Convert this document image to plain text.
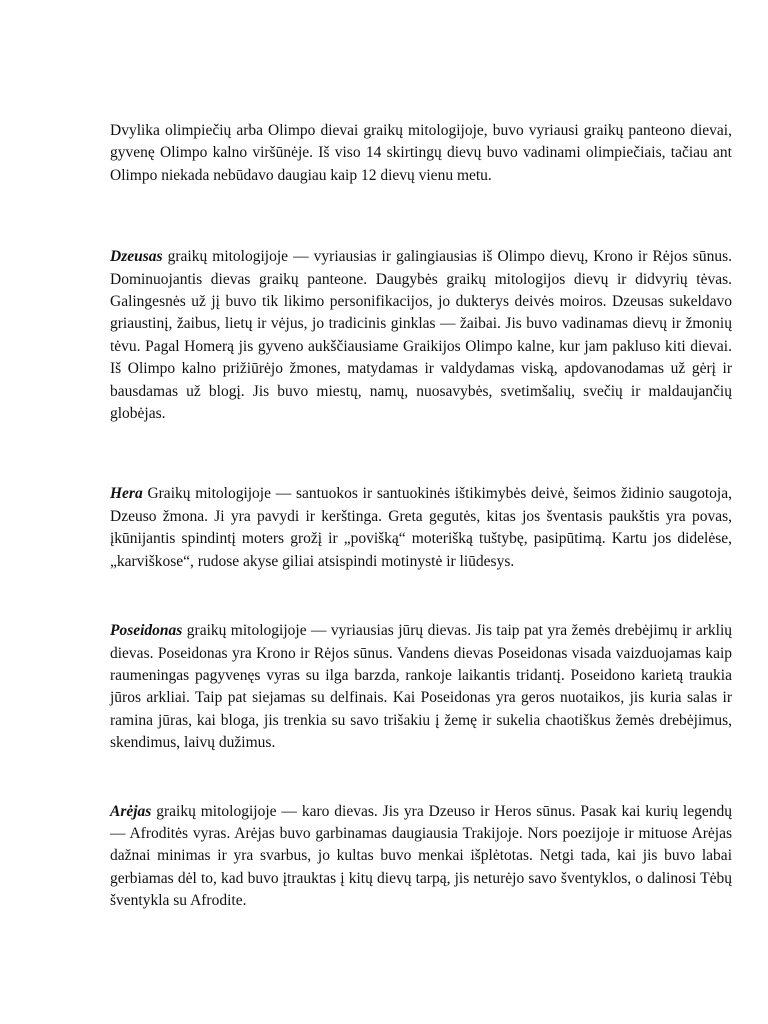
Dvylika olimpiečių arba Olimpo dievai graikų mitologijoje, buvo vyriausi graikų panteono dievai, gyvenę Olimpo kalno viršūnėje. Iš viso 14 skirtingų dievų buvo vadinami olimpiečiais, tačiau ant Olimpo niekada nebūdavo daugiau kaip 12 dievų vienu metu.

Dzeusas graikų mitologijoje — vyriausias ir galingiausias iš Olimpo dievų, Krono ir Rėjos sūnus. Dominuojantis dievas graikų panteone. Daugybės graikų mitologijos dievų ir didvyrių tėvas. Galingesnės už jį buvo tik likimo personifikacijos, jo dukterys deivės moiros. Dzeusas sukeldavo griaustinį, žaibus, lietų ir vėjus, jo tradicinis ginklas — žaibai. Jis buvo vadinamas dievų ir žmonių tėvu. Pagal Homerą jis gyveno aukščiausiame Graikijos Olimpo kalne, kur jam pakluso kiti dievai. Iš Olimpo kalno prižiūrėjo žmones, matydamas ir valdydamas viską, apdovanodamas už gėrį ir bausdamas už blogį. Jis buvo miestų, namų, nuosavybės, svetimšalių, svečių ir maldaujančių globėjas.

Hera Graikų mitologijoje — santuokos ir santuokinės ištikimybės deivė, šeimos židinio saugotoja, Dzeuso žmona. Ji yra pavydi ir kerštinga. Greta gegutės, kitas jos šventasis paukštis yra povas, įkūnijantis spindintį moters grožį ir „poviškąׅ“ moterišką tuštybę, pasipūtimą. Kartu jos didelėse, „karviškose“, rudose akyse giliai atsispindi motinystė ir liūdesys.

Poseidonas graikų mitologijoje — vyriausias jūrų dievas. Jis taip pat yra žemės drebėjimų ir arklių dievas. Poseidonas yra Krono ir Rėjos sūnus. Vandens dievas Poseidonas visada vaizduojamas kaip raumeningas pagyvenęs vyras su ilga barzda, rankoje laikantis tridantį. Poseidono karietą traukia jūros arkliai. Taip pat siejamas su delfinais. Kai Poseidonas yra geros nuotaikos, jis kuria salas ir ramina jūras, kai bloga, jis trenkia su savo trišakiu į žemę ir sukelia chaotiškus žemės drebėjimus, skendimus, laivų dužimus.

Arėjas graikų mitologijoje — karo dievas. Jis yra Dzeuso ir Heros sūnus. Pasak kai kurių legendų — Afroditės vyras. Arėjas buvo garbinamas daugiausia Trakijoje. Nors poezijoje ir mituose Arėjas dažnai minimas ir yra svarbus, jo kultas buvo menkai išplėtotas. Netgi tada, kai jis buvo labai gerbiamas dėl to, kad buvo įtrauktas į kitų dievų tarpą, jis neturėjo savo šventyklos, o dalinosi Tėbų šventykla su Afrodite.
